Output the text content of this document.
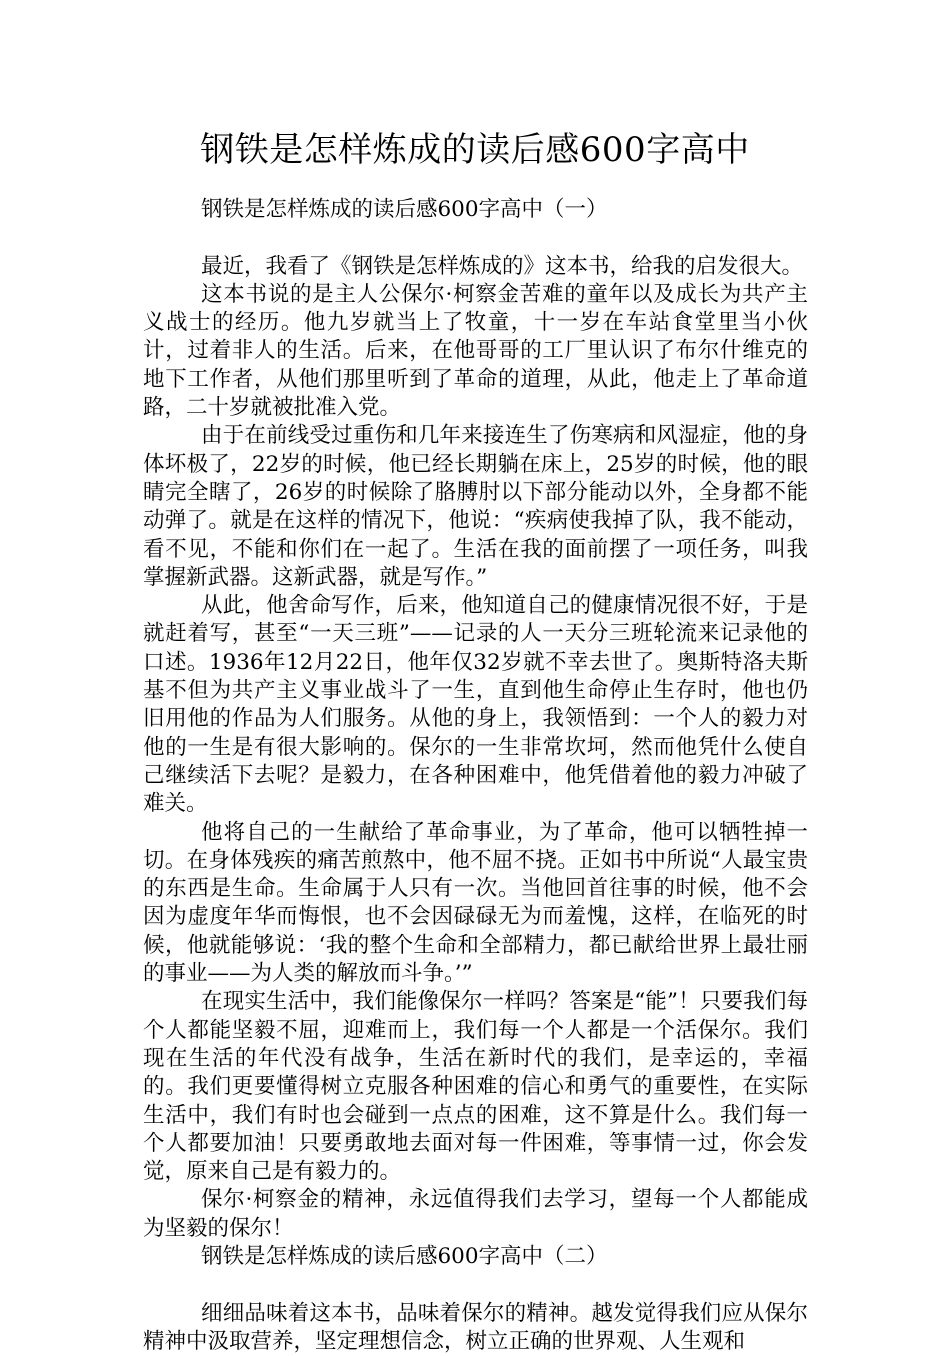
钢铁是怎样炼成的读后感600字高中

钢铁是怎样炼成的读后感600字高中（一）

最近，我看了《钢铁是怎样炼成的》这本书，给我的启发很大。

这本书说的是主人公保尔·柯察金苦难的童年以及成长为共产主义战士的经历。他九岁就当上了牧童，十一岁在车站食堂里当小伙计，过着非人的生活。后来，在他哥哥的工厂里认识了布尔什维克的地下工作者，从他们那里听到了革命的道理，从此，他走上了革命道路，二十岁就被批准入党。

由于在前线受过重伤和几年来接连生了伤寒病和风湿症，他的身体坏极了，22岁的时候，他已经长期躺在床上，25岁的时候，他的眼睛完全瞎了，26岁的时候除了胳膊肘以下部分能动以外，全身都不能动弹了。就是在这样的情况下，他说：“疾病使我掉了队，我不能动，看不见，不能和你们在一起了。生活在我的面前摆了一项任务，叫我掌握新武器。这新武器，就是写作。”

从此，他舍命写作，后来，他知道自己的健康情况很不好，于是就赶着写，甚至“一天三班”——记录的人一天分三班轮流来记录他的口述。1936年12月22日，他年仅32岁就不幸去世了。奥斯特洛夫斯基不但为共产主义事业战斗了一生，直到他生命停止生存时，他也仍旧用他的作品为人们服务。从他的身上，我领悟到：一个人的毅力对他的一生是有很大影响的。保尔的一生非常坎坷，然而他凭什么使自己继续活下去呢？是毅力，在各种困难中，他凭借着他的毅力冲破了难关。

他将自己的一生献给了革命事业，为了革命，他可以牺牲掉一切。在身体残疾的痛苦煎熬中，他不屈不挠。正如书中所说“人最宝贵的东西是生命。生命属于人只有一次。当他回首往事的时候，他不会因为虚度年华而悔恨，也不会因碌碌无为而羞愧，这样，在临死的时候，他就能够说：‘我的整个生命和全部精力，都已献给世界上最壮丽的事业——为人类的解放而斗争。’”

在现实生活中，我们能像保尔一样吗？答案是“能”！只要我们每个人都能坚毅不屈，迎难而上，我们每一个人都是一个活保尔。我们现在生活的年代没有战争，生活在新时代的我们，是幸运的，幸福的。我们更要懂得树立克服各种困难的信心和勇气的重要性，在实际生活中，我们有时也会碰到一点点的困难，这不算是什么。我们每一个人都要加油！只要勇敢地去面对每一件困难，等事情一过，你会发觉，原来自己是有毅力的。

保尔·柯察金的精神，永远值得我们去学习，望每一个人都能成为坚毅的保尔！

钢铁是怎样炼成的读后感600字高中（二）

细细品味着这本书，品味着保尔的精神。越发觉得我们应从保尔精神中汲取营养，坚定理想信念，树立正确的世界观、人生观和
